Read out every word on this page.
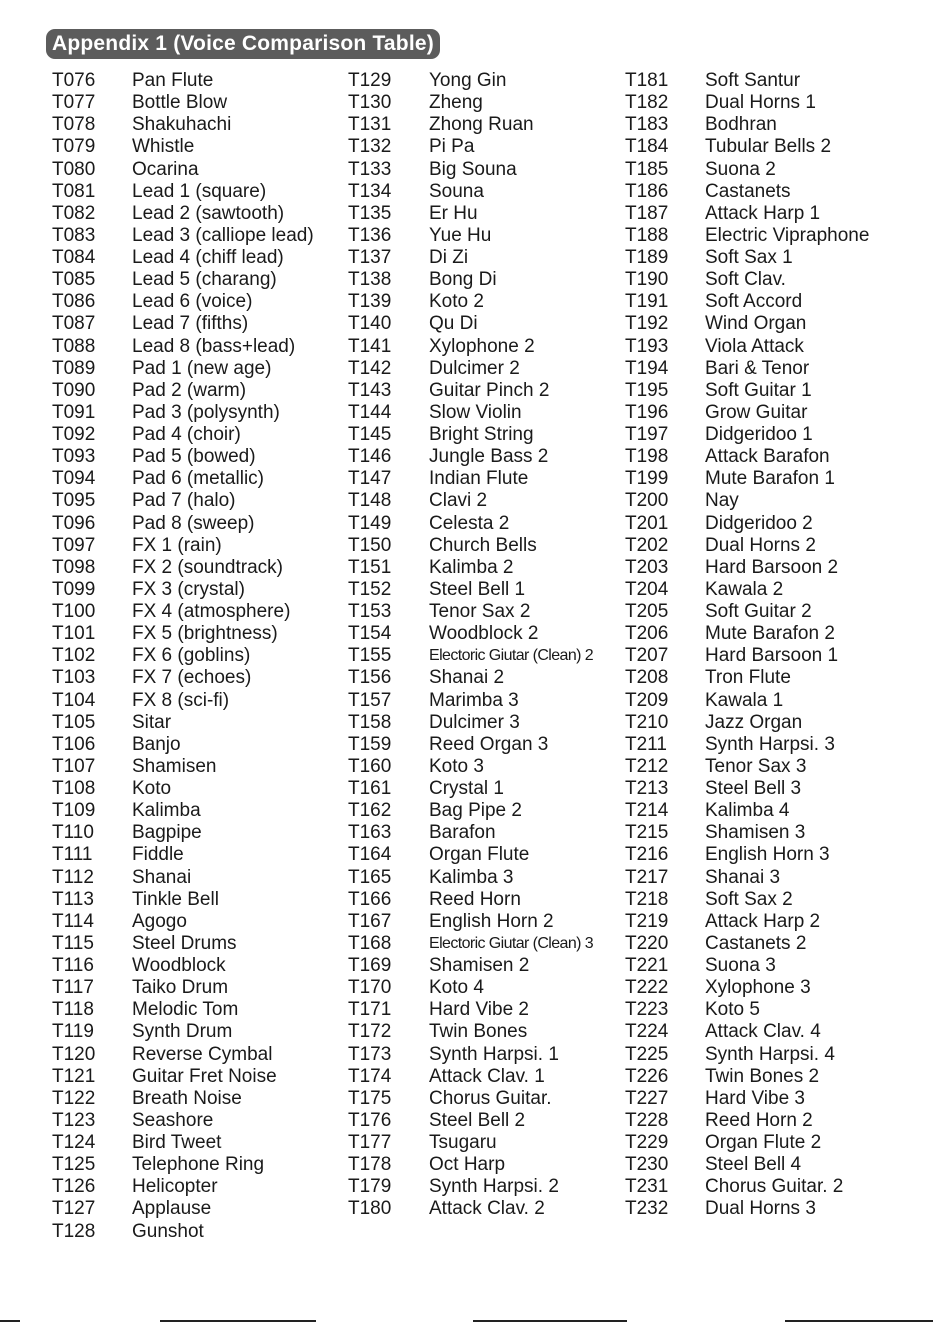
Appendix 1 (Voice Comparison Table)
T076 Pan Flute
T077 Bottle Blow
T078 Shakuhachi
T079 Whistle
T080 Ocarina
T081 Lead 1 (square)
T082 Lead 2 (sawtooth)
T083 Lead 3 (calliope lead)
T084 Lead 4 (chiff lead)
T085 Lead 5 (charang)
T086 Lead 6 (voice)
T087 Lead 7 (fifths)
T088 Lead 8 (bass+lead)
T089 Pad 1 (new age)
T090 Pad 2 (warm)
T091 Pad 3 (polysynth)
T092 Pad 4 (choir)
T093 Pad 5 (bowed)
T094 Pad 6 (metallic)
T095 Pad 7 (halo)
T096 Pad 8 (sweep)
T097 FX 1 (rain)
T098 FX 2 (soundtrack)
T099 FX 3 (crystal)
T100 FX 4 (atmosphere)
T101 FX 5 (brightness)
T102 FX 6 (goblins)
T103 FX 7 (echoes)
T104 FX 8 (sci-fi)
T105 Sitar
T106 Banjo
T107 Shamisen
T108 Koto
T109 Kalimba
T110 Bagpipe
T111 Fiddle
T112 Shanai
T113 Tinkle Bell
T114 Agogo
T115 Steel Drums
T116 Woodblock
T117 Taiko Drum
T118 Melodic Tom
T119 Synth Drum
T120 Reverse Cymbal
T121 Guitar Fret Noise
T122 Breath Noise
T123 Seashore
T124 Bird Tweet
T125 Telephone Ring
T126 Helicopter
T127 Applause
T128 Gunshot
T129 Yong Gin
T130 Zheng
T131 Zhong Ruan
T132 Pi Pa
T133 Big Souna
T134 Souna
T135 Er Hu
T136 Yue Hu
T137 Di Zi
T138 Bong Di
T139 Koto 2
T140 Qu Di
T141 Xylophone 2
T142 Dulcimer 2
T143 Guitar Pinch 2
T144 Slow Violin
T145 Bright String
T146 Jungle Bass 2
T147 Indian Flute
T148 Clavi 2
T149 Celesta 2
T150 Church Bells
T151 Kalimba 2
T152 Steel Bell 1
T153 Tenor Sax 2
T154 Woodblock 2
T155 Electoric Giutar (Clean) 2
T156 Shanai 2
T157 Marimba 3
T158 Dulcimer 3
T159 Reed Organ 3
T160 Koto 3
T161 Crystal 1
T162 Bag Pipe 2
T163 Barafon
T164 Organ Flute
T165 Kalimba 3
T166 Reed Horn
T167 English Horn 2
T168 Electoric Giutar (Clean) 3
T169 Shamisen 2
T170 Koto 4
T171 Hard Vibe 2
T172 Twin Bones
T173 Synth Harpsi. 1
T174 Attack Clav. 1
T175 Chorus Guitar.
T176 Steel Bell 2
T177 Tsugaru
T178 Oct Harp
T179 Synth Harpsi. 2
T180 Attack Clav. 2
T181 Soft Santur
T182 Dual Horns 1
T183 Bodhran
T184 Tubular Bells 2
T185 Suona 2
T186 Castanets
T187 Attack Harp 1
T188 Electric Vipraphone
T189 Soft Sax 1
T190 Soft Clav.
T191 Soft Accord
T192 Wind Organ
T193 Viola Attack
T194 Bari & Tenor
T195 Soft Guitar 1
T196 Grow Guitar
T197 Didgeridoo 1
T198 Attack Barafon
T199 Mute Barafon 1
T200 Nay
T201 Didgeridoo 2
T202 Dual Horns 2
T203 Hard Barsoon 2
T204 Kawala 2
T205 Soft Guitar 2
T206 Mute Barafon 2
T207 Hard Barsoon 1
T208 Tron Flute
T209 Kawala 1
T210 Jazz Organ
T211 Synth Harpsi. 3
T212 Tenor Sax 3
T213 Steel Bell 3
T214 Kalimba 4
T215 Shamisen 3
T216 English Horn 3
T217 Shanai 3
T218 Soft Sax 2
T219 Attack Harp 2
T220 Castanets 2
T221 Suona 3
T222 Xylophone 3
T223 Koto 5
T224 Attack Clav. 4
T225 Synth Harpsi. 4
T226 Twin Bones 2
T227 Hard Vibe 3
T228 Reed Horn 2
T229 Organ Flute 2
T230 Steel Bell 4
T231 Chorus Guitar. 2
T232 Dual Horns 3
